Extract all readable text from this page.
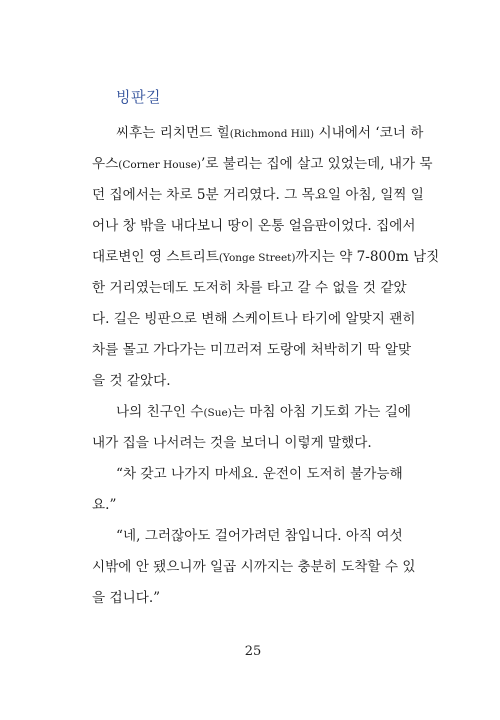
빙판길
씨후는 리치먼드 힐(Richmond Hill) 시내에서 ‘코너 하
우스(Corner House)’로 불리는 집에 살고 있었는데, 내가 묵
던 집에서는 차로 5분 거리였다. 그 목요일 아침, 일찍 일
어나 창 밖을 내다보니 땅이 온통 얼음판이었다. 집에서
대로변인 영 스트리트(Yonge Street)까지는 약 7-800m 남짓
한 거리였는데도 도저히 차를 타고 갈 수 없을 것 같았
다. 길은 빙판으로 변해 스케이트나 타기에 알맞지 괜히
차를 몰고 가다가는 미끄러져 도랑에 처박히기 딱 알맞
을 것 같았다.
나의 친구인 수(Sue)는 마침 아침 기도회 가는 길에
내가 집을 나서려는 것을 보더니 이렇게 말했다.
“차 갖고 나가지 마세요. 운전이 도저히 불가능해
요.”
“네, 그러잖아도 걸어가려던 참입니다. 아직 여섯
시밖에 안 됐으니까 일곱 시까지는 충분히 도착할 수 있
을 겁니다.”
25
